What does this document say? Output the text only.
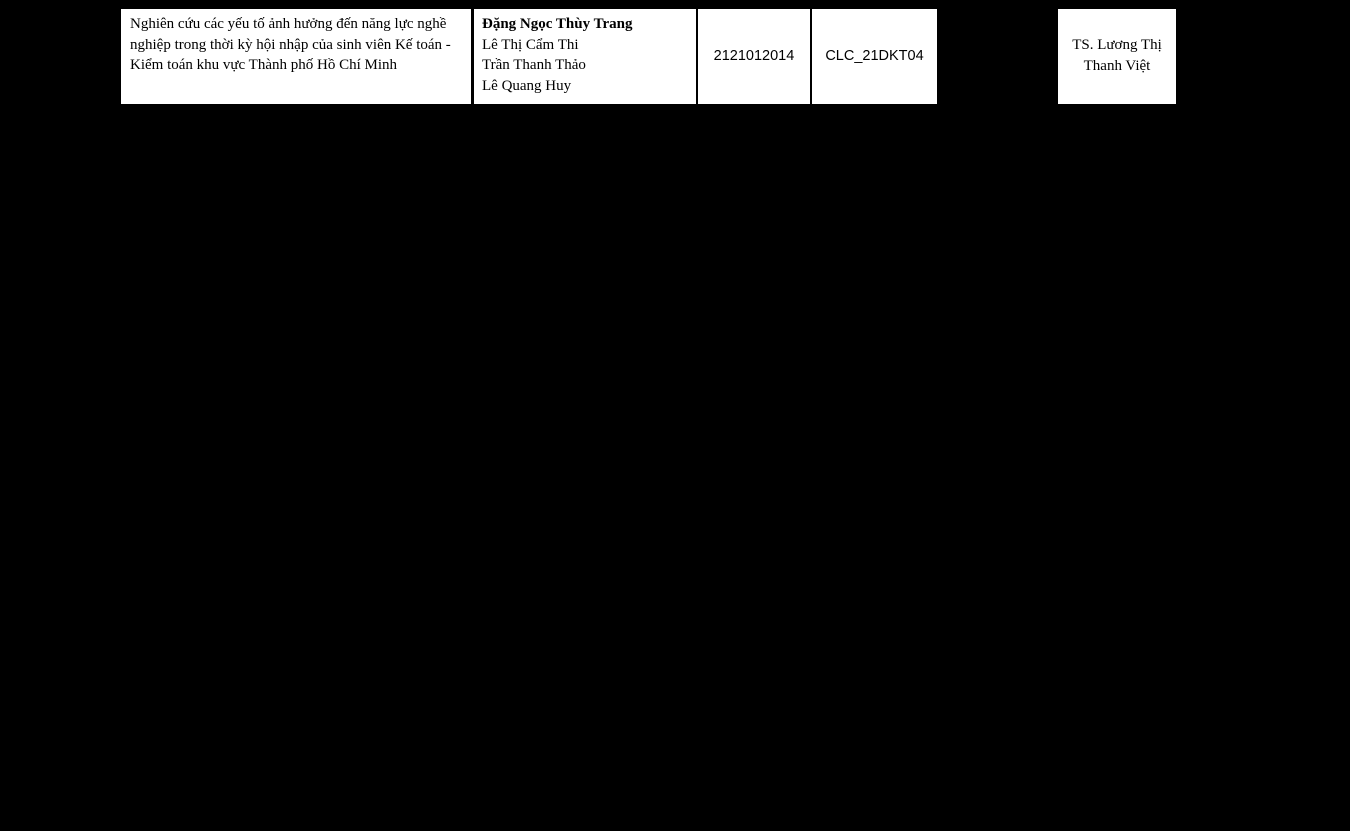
Nghiên cứu các yếu tố ảnh hưởng đến năng lực nghề nghiệp trong thời kỳ hội nhập của sinh viên Kế toán - Kiểm toán khu vực Thành phố Hồ Chí Minh
Đặng Ngọc Thùy Trang
Lê Thị Cẩm Thi
Trần Thanh Thảo
Lê Quang Huy
2121012014	CLC_21DKT04
TS. Lương Thị Thanh Việt
